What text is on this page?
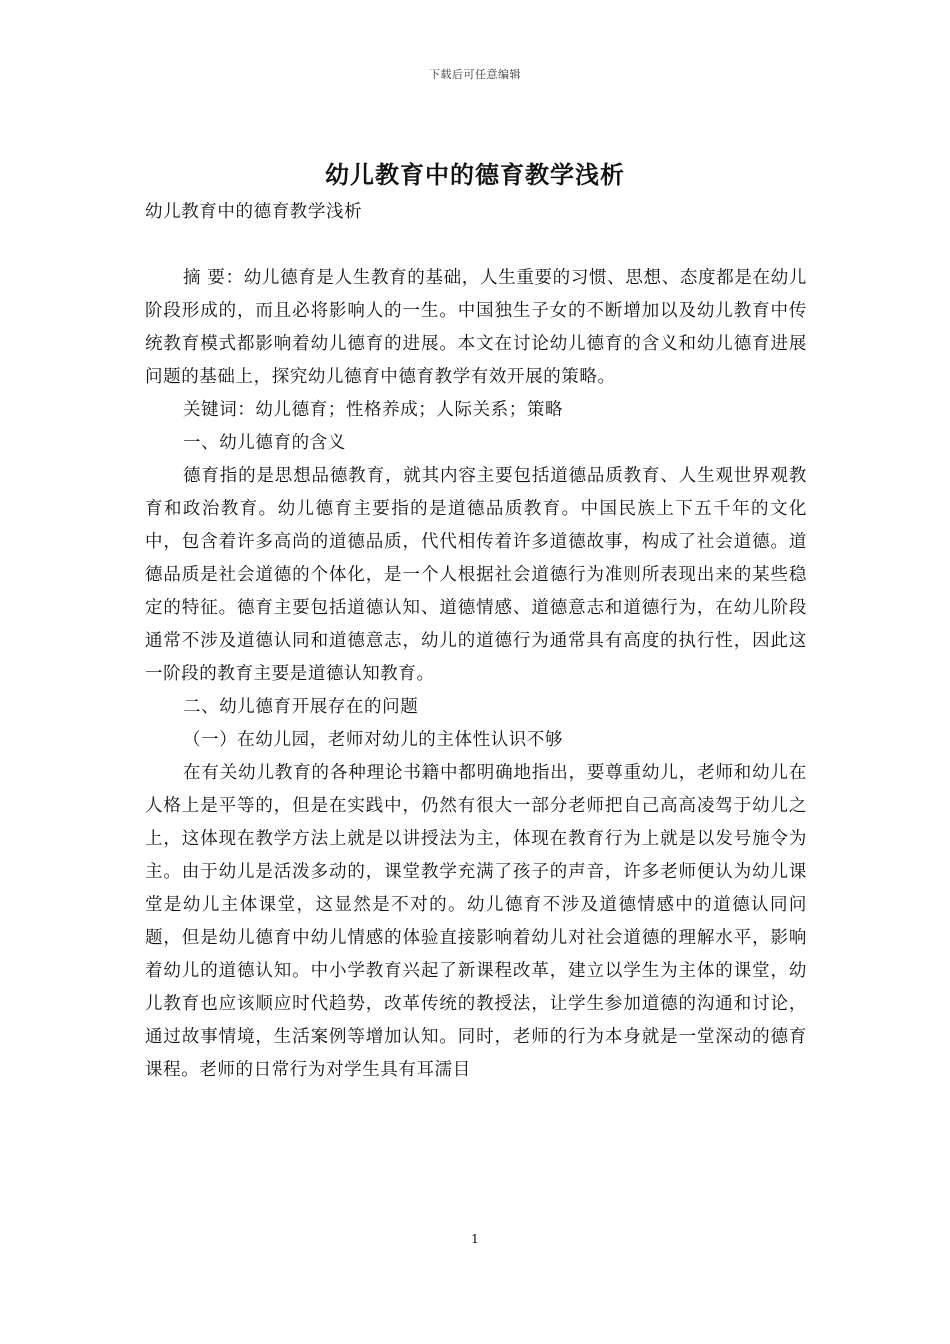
下载后可任意编辑
幼儿教育中的德育教学浅析

幼儿教育中的德育教学浅析

摘 要：幼儿德育是人生教育的基础，人生重要的习惯、思想、态度都是在幼儿阶段形成的，而且必将影响人的一生。中国独生子女的不断增加以及幼儿教育中传统教育模式都影响着幼儿德育的进展。本文在讨论幼儿德育的含义和幼儿德育进展问题的基础上，探究幼儿德育中德育教学有效开展的策略。

关键词：幼儿德育；性格养成；人际关系；策略

一、幼儿德育的含义

德育指的是思想品德教育，就其内容主要包括道德品质教育、人生观世界观教育和政治教育。幼儿德育主要指的是道德品质教育。中国民族上下五千年的文化中，包含着许多高尚的道德品质，代代相传着许多道德故事，构成了社会道德。道德品质是社会道德的个体化，是一个人根据社会道德行为准则所表现出来的某些稳定的特征。德育主要包括道德认知、道德情感、道德意志和道德行为，在幼儿阶段通常不涉及道德认同和道德意志，幼儿的道德行为通常具有高度的执行性，因此这一阶段的教育主要是道德认知教育。

二、幼儿德育开展存在的问题

（一）在幼儿园，老师对幼儿的主体性认识不够

在有关幼儿教育的各种理论书籍中都明确地指出，要尊重幼儿，老师和幼儿在人格上是平等的，但是在实践中，仍然有很大一部分老师把自己高高凌驾于幼儿之上，这体现在教学方法上就是以讲授法为主，体现在教育行为上就是以发号施令为主。由于幼儿是活泼多动的，课堂教学充满了孩子的声音，许多老师便认为幼儿课堂是幼儿主体课堂，这显然是不对的。幼儿德育不涉及道德情感中的道德认同问题，但是幼儿德育中幼儿情感的体验直接影响着幼儿对社会道德的理解水平，影响着幼儿的道德认知。中小学教育兴起了新课程改革，建立以学生为主体的课堂，幼儿教育也应该顺应时代趋势，改革传统的教授法，让学生参加道德的沟通和讨论，通过故事情境，生活案例等增加认知。同时，老师的行为本身就是一堂深动的德育课程。老师的日常行为对学生具有耳濡目

1
